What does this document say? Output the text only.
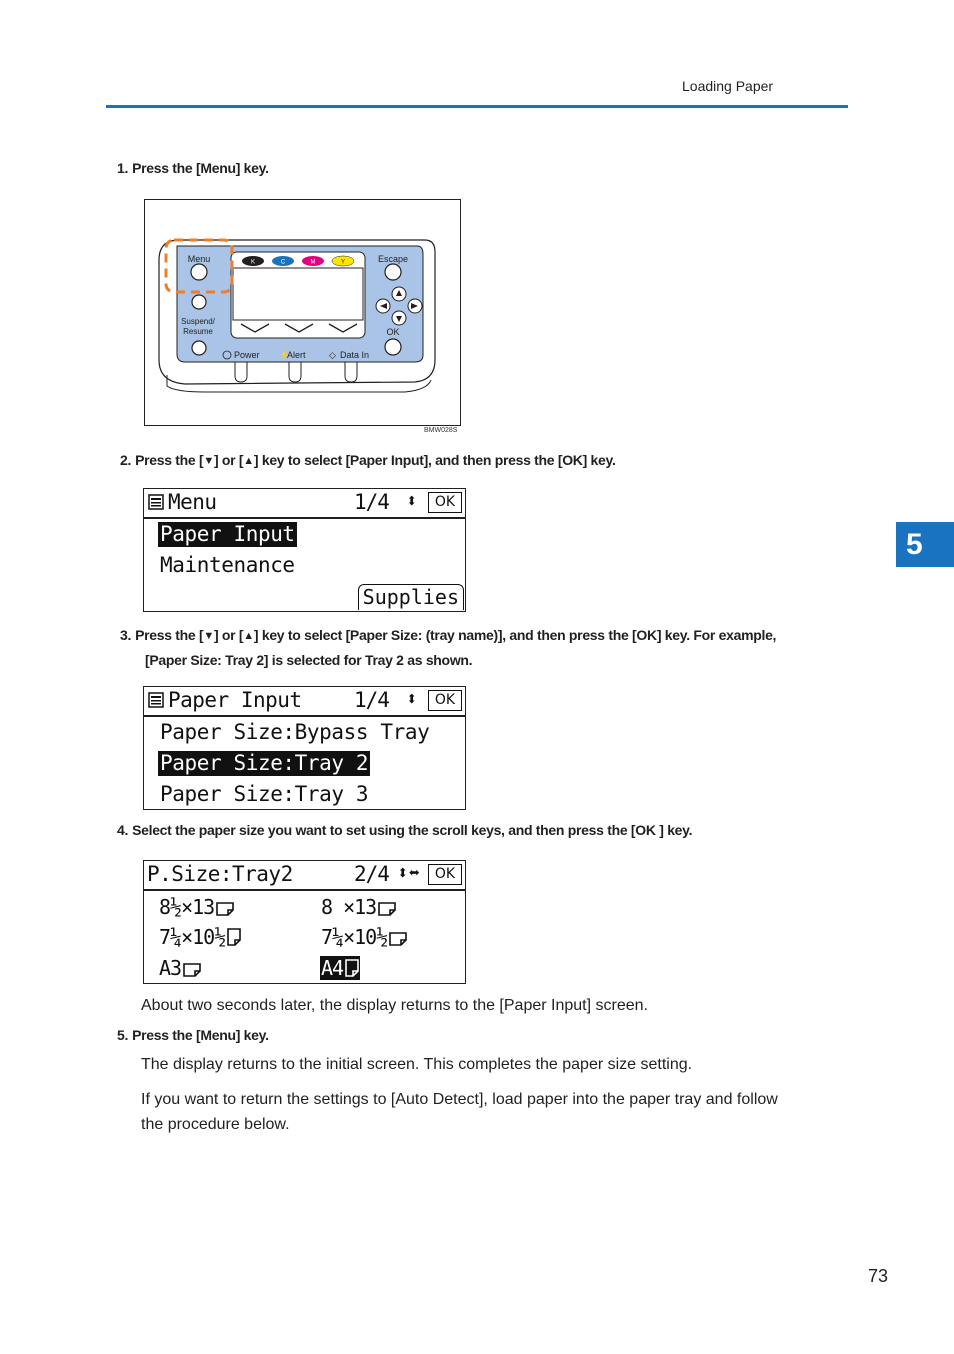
Loading Paper
5
1. Press the [Menu] key.
K	C	M	Y
Menu
Suspend/
Resume
Escape
OK
Power ⚡
Alert	◇ Data In
BMW028S
2. Press the [▼] or [▲] key to select [Paper Input], and then press the [OK] key.
Menu	1/4 ⬍	OK
Paper Input
Maintenance
Supplies
3. Press the [▼] or [▲] key to select [Paper Size: (tray name)], and then press the [OK] key. For example,
[Paper Size: Tray 2] is selected for Tray 2 as shown.
Paper Input 1/4 ⬍	OK
Paper Size:Bypass Tray
Paper Size:Tray 2
Paper Size:Tray 3
4. Select the paper size you want to set using the scroll keys, and then press the [OK ] key.
P.Size:Tray2	2/4 ⬍⬌	OK
8½×13	8 ×13
7¼×10½	7¼×10½
A3	A4
About two seconds later, the display returns to the [Paper Input] screen.
5. Press the [Menu] key.
The display returns to the initial screen. This completes the paper size setting.
If you want to return the settings to [Auto Detect], load paper into the paper tray and follow
the procedure below.
73
